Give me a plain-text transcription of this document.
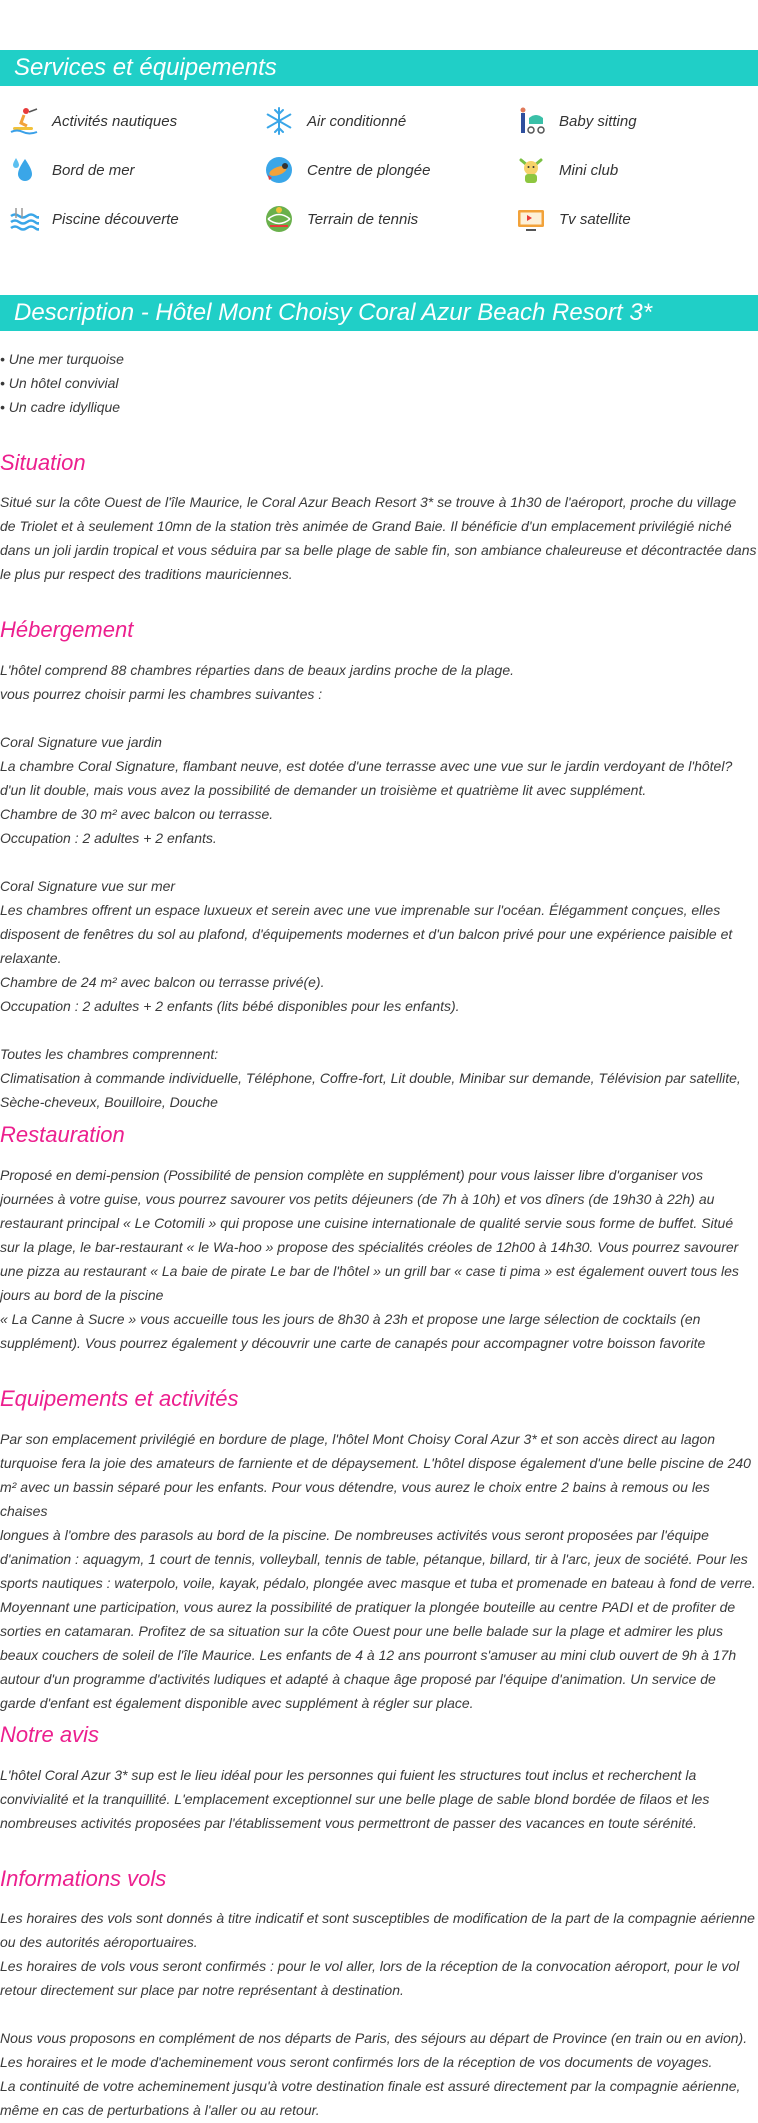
Services et équipements
Activités nautiques	Air conditionné	Baby sitting
Bord de mer	Centre de plongée	Mini club
Piscine découverte	Terrain de tennis	Tv satellite
Description - Hôtel Mont Choisy Coral Azur Beach Resort 3*

• Une mer turquoise

• Un hôtel convivial

• Un cadre idyllique

Situation

Situé sur la côte Ouest de l'île Maurice, le Coral Azur Beach Resort 3* se trouve à 1h30 de l'aéroport, proche du village

de Triolet et à seulement 10mn de la station très animée de Grand Baie. Il bénéficie d'un emplacement privilégié niché

dans un joli jardin tropical et vous séduira par sa belle plage de sable fin, son ambiance chaleureuse et décontractée dans

le plus pur respect des traditions mauriciennes.

Hébergement

L'hôtel comprend 88 chambres réparties dans de beaux jardins proche de la plage.

vous pourrez choisir parmi les chambres suivantes :

Coral Signature vue jardin

La chambre Coral Signature, flambant neuve, est dotée d'une terrasse avec une vue sur le jardin verdoyant de l'hôtel?

d'un lit double, mais vous avez la possibilité de demander un troisième et quatrième lit avec supplément.

Chambre de 30 m² avec balcon ou terrasse.

Occupation : 2 adultes + 2 enfants.

Coral Signature vue sur mer

Les chambres offrent un espace luxueux et serein avec une vue imprenable sur l'océan. Élégamment conçues, elles

disposent de fenêtres du sol au plafond, d'équipements modernes et d'un balcon privé pour une expérience paisible et

relaxante.

Chambre de 24 m² avec balcon ou terrasse privé(e).

Occupation : 2 adultes + 2 enfants (lits bébé disponibles pour les enfants).

Toutes les chambres comprennent:

Climatisation à commande individuelle, Téléphone, Coffre-fort, Lit double, Minibar sur demande, Télévision par satellite,

Sèche-cheveux, Bouilloire, Douche

Restauration

Proposé en demi-pension (Possibilité de pension complète en supplément) pour vous laisser libre d'organiser vos

journées à votre guise, vous pourrez savourer vos petits déjeuners (de 7h à 10h) et vos dîners (de 19h30 à 22h) au

restaurant principal « Le Cotomili » qui propose une cuisine internationale de qualité servie sous forme de buffet. Situé

sur la plage, le bar-restaurant « le Wa-hoo » propose des spécialités créoles de 12h00 à 14h30. Vous pourrez savourer

une pizza au restaurant « La baie de pirate Le bar de l'hôtel » un grill bar « case ti pima » est également ouvert tous les

jours au bord de la piscine

« La Canne à Sucre » vous accueille tous les jours de 8h30 à 23h et propose une large sélection de cocktails (en

supplément). Vous pourrez également y découvrir une carte de canapés pour accompagner votre boisson favorite

Equipements et activités

Par son emplacement privilégié en bordure de plage, l'hôtel Mont Choisy Coral Azur 3* et son accès direct au lagon

turquoise fera la joie des amateurs de farniente et de dépaysement. L'hôtel dispose également d'une belle piscine de 240

m² avec un bassin séparé pour les enfants. Pour vous détendre, vous aurez le choix entre 2 bains à remous ou les chaises

longues à l'ombre des parasols au bord de la piscine. De nombreuses activités vous seront proposées par l'équipe

d'animation : aquagym, 1 court de tennis, volleyball, tennis de table, pétanque, billard, tir à l'arc, jeux de société. Pour les

sports nautiques : waterpolo, voile, kayak, pédalo, plongée avec masque et tuba et promenade en bateau à fond de verre.

Moyennant une participation, vous aurez la possibilité de pratiquer la plongée bouteille au centre PADI et de profiter de

sorties en catamaran. Profitez de sa situation sur la côte Ouest pour une belle balade sur la plage et admirer les plus

beaux couchers de soleil de l'île Maurice. Les enfants de 4 à 12 ans pourront s'amuser au mini club ouvert de 9h à 17h

autour d'un programme d'activités ludiques et adapté à chaque âge proposé par l'équipe d'animation. Un service de

garde d'enfant est également disponible avec supplément à régler sur place.

Notre avis

L'hôtel Coral Azur 3* sup est le lieu idéal pour les personnes qui fuient les structures tout inclus et recherchent la

convivialité et la tranquillité. L'emplacement exceptionnel sur une belle plage de sable blond bordée de filaos et les

nombreuses activités proposées par l'établissement vous permettront de passer des vacances en toute sérénité.

Informations vols

Les horaires des vols sont donnés à titre indicatif et sont susceptibles de modification de la part de la compagnie aérienne

ou des autorités aéroportuaires.

Les horaires de vols vous seront confirmés : pour le vol aller, lors de la réception de la convocation aéroport, pour le vol

retour directement sur place par notre représentant à destination.

Nous vous proposons en complément de nos départs de Paris, des séjours au départ de Province (en train ou en avion).

Les horaires et le mode d'acheminement vous seront confirmés lors de la réception de vos documents de voyages.

La continuité de votre acheminement jusqu'à votre destination finale est assuré directement par la compagnie aérienne,

même en cas de perturbations à l'aller ou au retour.
